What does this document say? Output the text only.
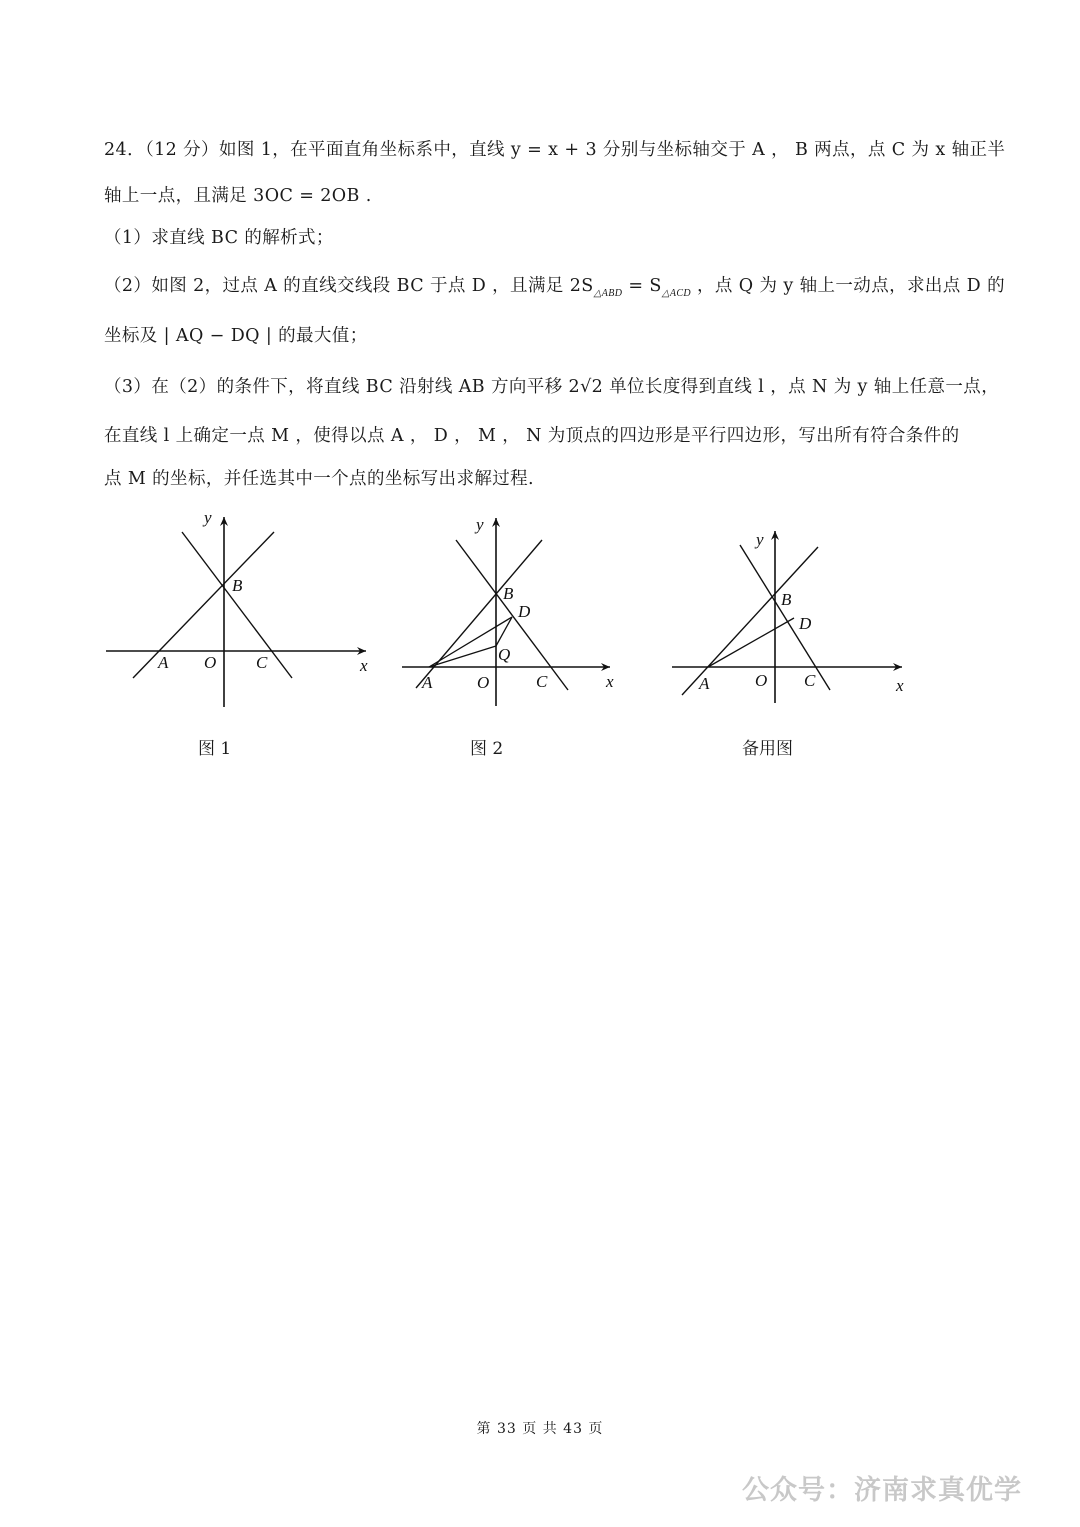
24．（12 分）如图 1，在平面直角坐标系中，直线 y = x + 3 分别与坐标轴交于 A ， B 两点，点 C 为 x 轴正半
轴上一点，且满足 3OC = 2OB .
（1）求直线 BC 的解析式；
（2）如图 2，过点 A 的直线交线段 BC 于点 D ，且满足 $2S_{\triangle ABD} = S_{\triangle ACD}$ ，点 Q 为 y 轴上一动点，求出点 D 的
坐标及 | AQ − DQ | 的最大值；
（3）在（2）的条件下，将直线 BC 沿射线 AB 方向平移 2√2 单位长度得到直线 l ，点 N 为 y 轴上任意一点，
在直线 l 上确定一点 M ，使得以点 A ， D ， M ， N 为顶点的四边形是平行四边形，写出所有符合条件的
点 M 的坐标，并任选其中一个点的坐标写出求解过程.
y
x
A O C
B
图 1
y
x
A	O	C
B
D
Q
图 2
y
x
A	O C
B
D
备用图
第 33 页 共 43 页
公众号：济南求真优学
